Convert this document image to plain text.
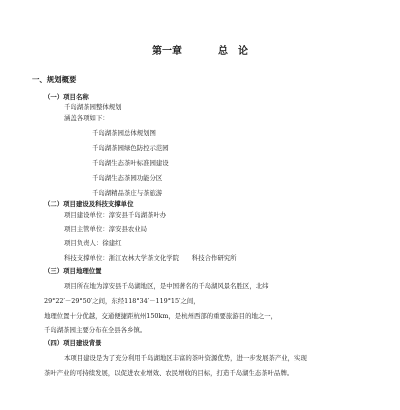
第一章	总　论
一、规划概要
（一）项目名称
千岛湖茶园整体规划
涵盖各项如下：
千岛湖茶园总体规划图
千岛湖茶园绿色防控示范园
千岛湖生态茶叶标准园建设
千岛湖生态茶园功能分区
千岛湖精品茶庄与茶旅游
（二）项目建设及科技支撑单位
项目建设单位：淳安县千岛湖茶叶办
项目主管单位：淳安县农业局
项目负责人：徐建红
科技支撑单位：浙江农林大学茶文化学院　　科技合作研究所
（三）项目地理位置
项目所在地为淳安县千岛湖地区，是中国著名的千岛湖风景名胜区，北纬
29°22′－29°50′之间，东经118°34′－119°15′之间，
地理位置十分优越，交通便捷距杭州150km，是杭州西部的重要旅游目的地之一，
千岛湖茶园主要分布在全县各乡镇。
（四）项目建设背景
本项目建设是为了充分利用千岛湖地区丰富的茶叶资源优势，进一步发展茶产业，实现
茶叶产业的可持续发展，以促进农业增效、农民增收的目标，打造千岛湖生态茶叶品牌。
